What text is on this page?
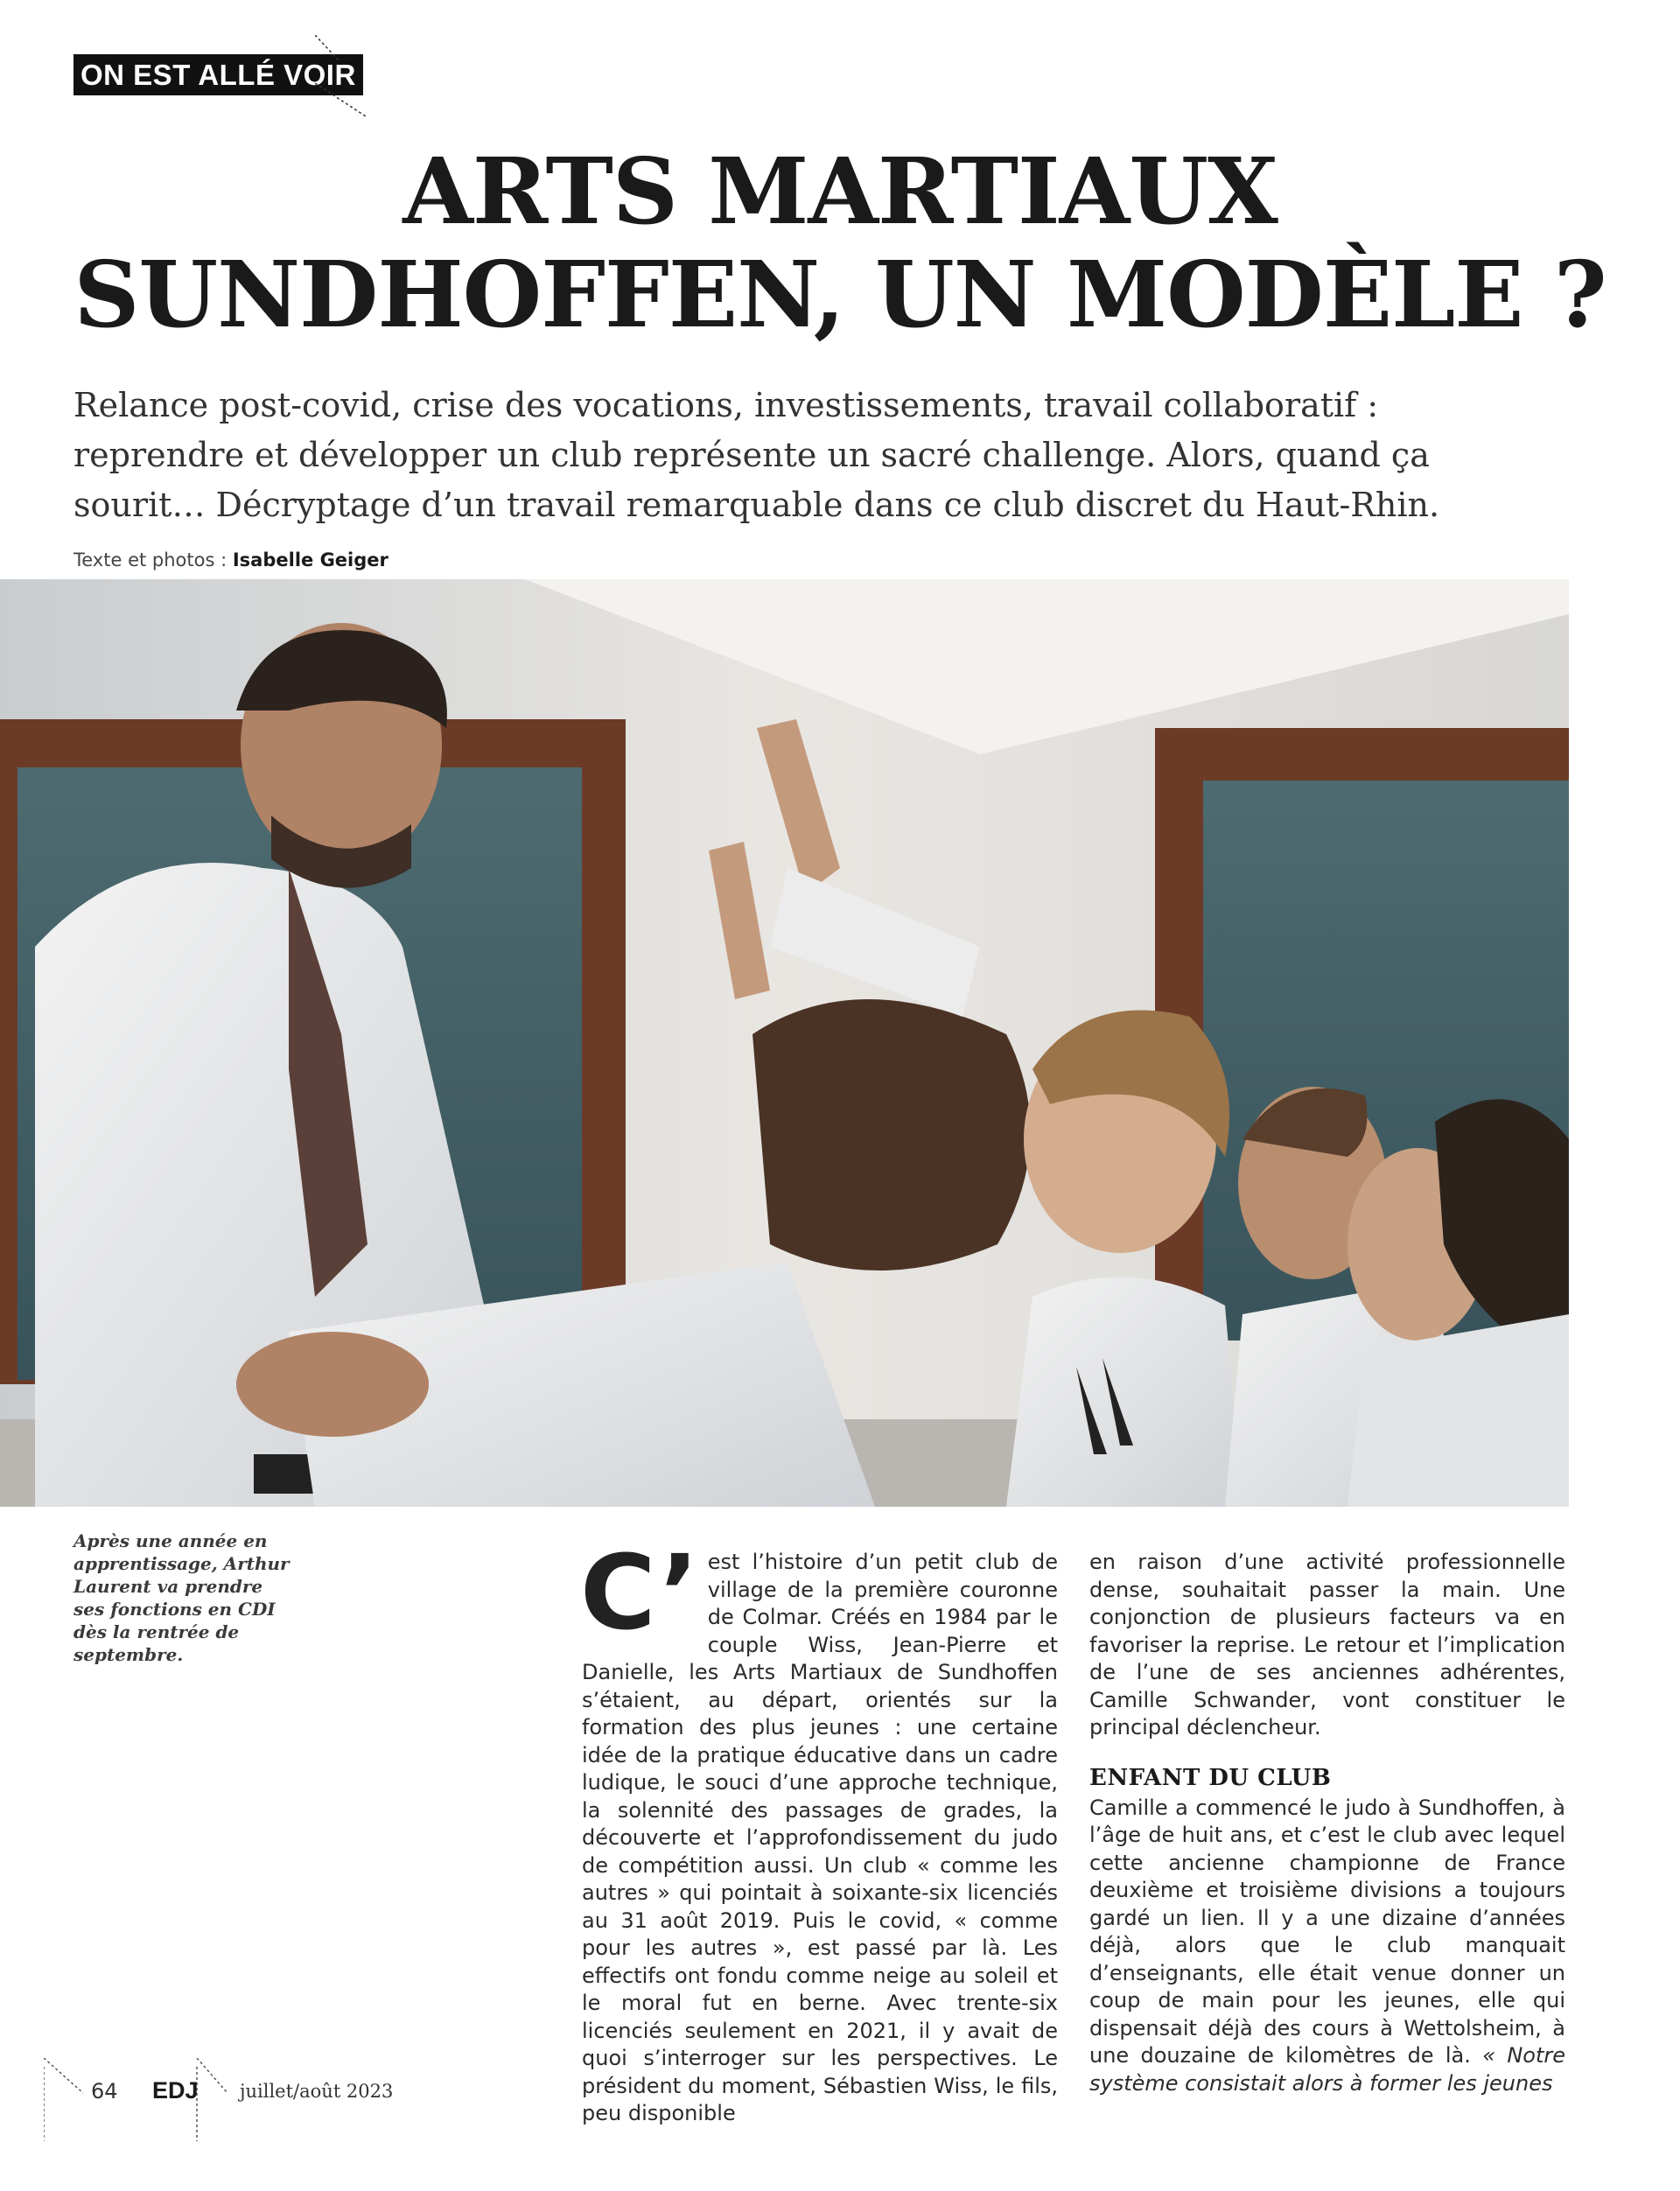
ON EST ALLÉ VOIR
ARTS MARTIAUX
SUNDHOFFEN, UN MODÈLE ?

Relance post-covid, crise des vocations, investissements, travail collaboratif : reprendre et développer un club représente un sacré challenge. Alors, quand ça sourit… Décryptage d’un travail remarquable dans ce club discret du Haut-Rhin. Texte et photos : Isabelle Geiger

Après une année en apprentissage, Arthur Laurent va prendre ses fonctions en CDI dès la rentrée de septembre.

C’ est l’histoire d’un petit club de village de la première couronne de Colmar. Créés en 1984 par le couple Wiss, Jean-Pierre et Danielle, les Arts Martiaux de Sundhoffen s’étaient, au départ, orientés sur la formation des plus jeunes : une certaine idée de la pratique éducative dans un cadre ludique, le souci d’une approche technique, la solennité des passages de grades, la découverte et l’approfondissement du judo de compétition aussi. Un club « comme les autres » qui pointait à soixante-six licenciés au 31 août 2019. Puis le covid, « comme pour les autres », est passé par là. Les effectifs ont fondu comme neige au soleil et le moral fut en berne. Avec trente-six licenciés seulement en 2021, il y avait de quoi s’interroger sur les perspectives. Le président du moment, Sébastien Wiss, le fils, peu disponible

en raison d’une activité professionnelle dense, souhaitait passer la main. Une conjonction de plusieurs facteurs va en favoriser la reprise. Le retour et l’implication de l’une de ses anciennes adhérentes, Camille Schwander, vont constituer le principal déclencheur.

ENFANT DU CLUB

Camille a commencé le judo à Sundhoffen, à l’âge de huit ans, et c’est le club avec lequel cette ancienne championne de France deuxième et troisième divisions a toujours gardé un lien. Il y a une dizaine d’années déjà, alors que le club manquait d’enseignants, elle était venue donner un coup de main pour les jeunes, elle qui dispensait déjà des cours à Wettolsheim, à une douzaine de kilomètres de là. « Notre système consistait alors à former les jeunes

64 EDJ juillet/août 2023
